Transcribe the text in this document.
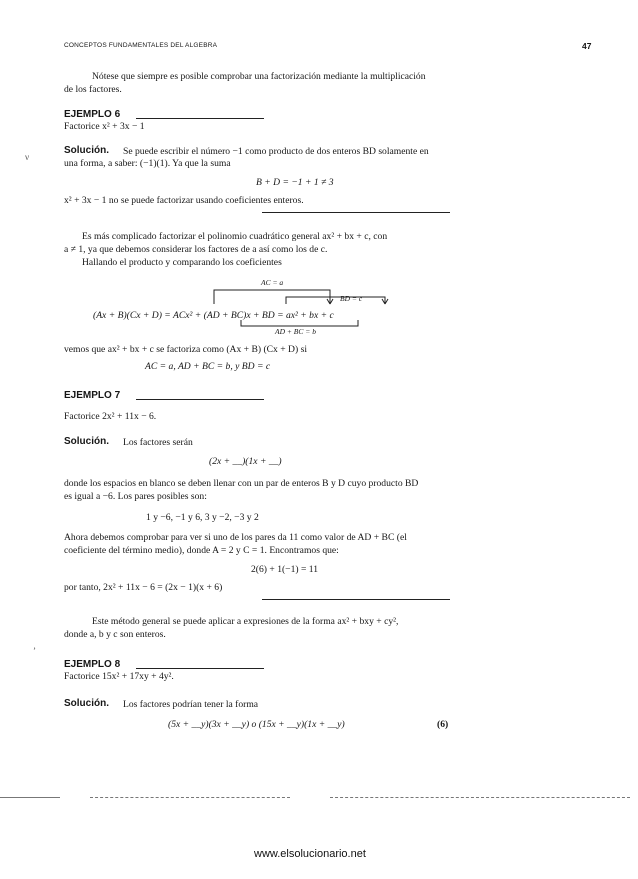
CONCEPTOS FUNDAMENTALES DEL ALGEBRA	47
Nótese que siempre es posible comprobar una factorización mediante la multiplicación
de los factores.
EJEMPLO 6
Factorice x² + 3x − 1
Solución. Se puede escribir el número −1 como producto de dos enteros BD solamente en
una forma, a saber: (−1)(1). Ya que la suma
B + D = −1 + 1 ≠ 3
x² + 3x − 1 no se puede factorizar usando coeficientes enteros.
Es más complicado factorizar el polinomio cuadrático general ax² + bx + c, con
a ≠ 1, ya que debemos considerar los factores de a así como los de c.
Hallando el producto y comparando los coeficientes
AC = a
BD = c
(Ax + B)(Cx + D) = ACx² + (AD + BC)x + BD = ax² + bx + c
AD + BC = b
vemos que ax² + bx + c se factoriza como (Ax + B) (Cx + D) si
AC = a, AD + BC = b, y BD = c
EJEMPLO 7
Factorice 2x² + 11x − 6.
Solución. Los factores serán
(2x + __)(1x + __)
donde los espacios en blanco se deben llenar con un par de enteros B y D cuyo producto BD
es igual a −6. Los pares posibles son:
1 y −6, −1 y 6, 3 y −2, −3 y 2
Ahora debemos comprobar para ver si uno de los pares da 11 como valor de AD + BC (el
coeficiente del término medio), donde A = 2 y C = 1. Encontramos que:
2(6) + 1(−1) = 11
por tanto, 2x² + 11x − 6 = (2x − 1)(x + 6)
Este método general se puede aplicar a expresiones de la forma ax² + bxy + cy²,
donde a, b y c son enteros.
EJEMPLO 8
Factorice 15x² + 17xy + 4y².
Solución. Los factores podrían tener la forma
(5x + __y)(3x + __y) o (15x + __y)(1x + __y)	(6)
ν
ʼ
www.elsolucionario.net
